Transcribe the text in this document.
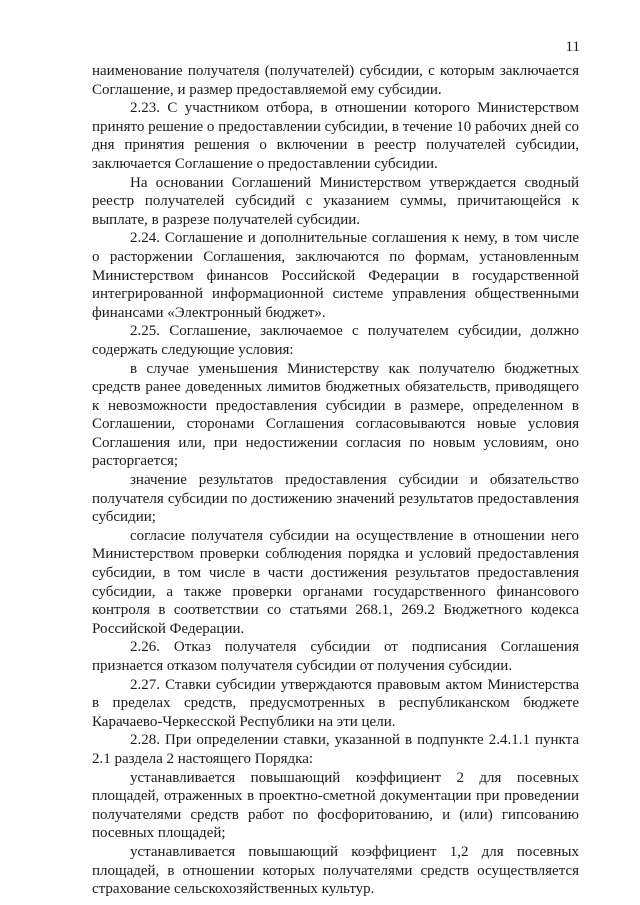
11

наименование получателя (получателей) субсидии, с которым заключается Соглашение, и размер предоставляемой ему субсидии.

2.23. С участником отбора, в отношении которого Министерством принято решение о предоставлении субсидии, в течение 10 рабочих дней со дня принятия решения о включении в реестр получателей субсидии, заключается Соглашение о предоставлении субсидии.

На основании Соглашений Министерством утверждается сводный реестр получателей субсидий с указанием суммы, причитающейся к выплате, в разрезе получателей субсидии.

2.24. Соглашение и дополнительные соглашения к нему, в том числе о расторжении Соглашения, заключаются по формам, установленным Министерством финансов Российской Федерации в государственной интегрированной информационной системе управления общественными финансами «Электронный бюджет».

2.25. Соглашение, заключаемое с получателем субсидии, должно содержать следующие условия:

в случае уменьшения Министерству как получателю бюджетных средств ранее доведенных лимитов бюджетных обязательств, приводящего к невозможности предоставления субсидии в размере, определенном в Соглашении, сторонами Соглашения согласовываются новые условия Соглашения или, при недостижении согласия по новым условиям, оно расторгается;

значение результатов предоставления субсидии и обязательство получателя субсидии по достижению значений результатов предоставления субсидии;

согласие получателя субсидии на осуществление в отношении него Министерством проверки соблюдения порядка и условий предоставления субсидии, в том числе в части достижения результатов предоставления субсидии, а также проверки органами государственного финансового контроля в соответствии со статьями 268.1, 269.2 Бюджетного кодекса Российской Федерации.

2.26. Отказ получателя субсидии от подписания Соглашения признается отказом получателя субсидии от получения субсидии.

2.27. Ставки субсидии утверждаются правовым актом Министерства в пределах средств, предусмотренных в республиканском бюджете Карачаево-Черкесской Республики на эти цели.

2.28. При определении ставки, указанной в подпункте 2.4.1.1 пункта 2.1 раздела 2 настоящего Порядка:

устанавливается повышающий коэффициент 2 для посевных площадей, отраженных в проектно-сметной документации при проведении получателями средств работ по фосфоритованию, и (или) гипсованию посевных площадей;

устанавливается повышающий коэффициент 1,2 для посевных площадей, в отношении которых получателями средств осуществляется страхование сельскохозяйственных культур.
